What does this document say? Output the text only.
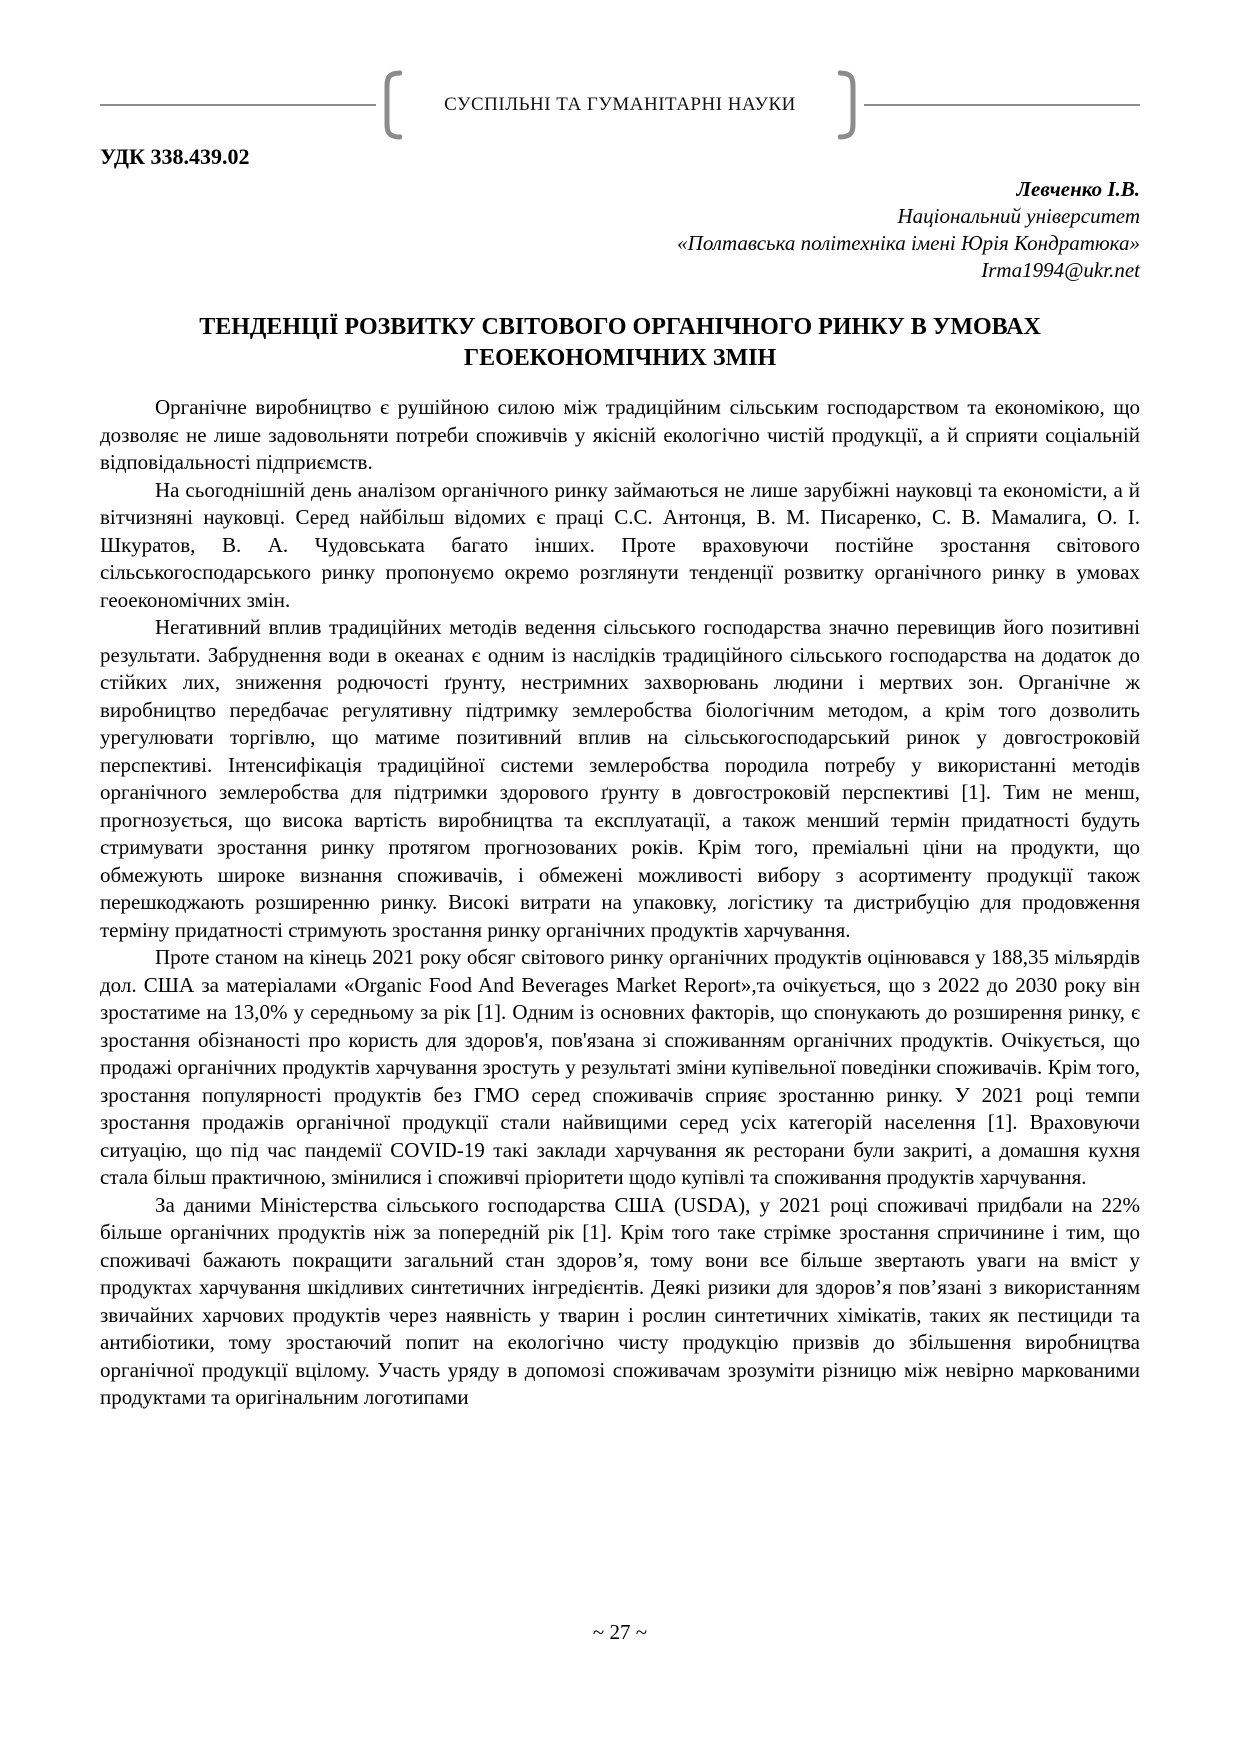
СУСПІЛЬНІ ТА ГУМАНІТАРНІ НАУКИ
УДК 338.439.02
Левченко І.В.
Національний університет
«Полтавська політехніка імені Юрія Кондратюка»
Irma1994@ukr.net
ТЕНДЕНЦІЇ РОЗВИТКУ СВІТОВОГО ОРГАНІЧНОГО РИНКУ В УМОВАХ ГЕОЕКОНОМІЧНИХ ЗМІН

Органічне виробництво є рушійною силою між традиційним сільським господарством та економікою, що дозволяє не лише задовольняти потреби споживчів у якісній екологічно чистій продукції, а й сприяти соціальній відповідальності підприємств.

На сьогоднішній день аналізом органічного ринку займаються не лише зарубіжні науковці та економісти, а й вітчизняні науковці. Серед найбільш відомих є праці С.С. Антонця, В. М. Писаренко, С. В. Мамалига, О. І. Шкуратов, В. А. Чудовськата багато інших. Проте враховуючи постійне зростання світового сільськогосподарського ринку пропонуємо окремо розглянути тенденції розвитку органічного ринку в умовах геоекономічних змін.

Негативний вплив традиційних методів ведення сільського господарства значно перевищив його позитивні результати. Забруднення води в океанах є одним із наслідків традиційного сільського господарства на додаток до стійких лих, зниження родючості ґрунту, нестримних захворювань людини і мертвих зон. Органічне ж виробництво передбачає регулятивну підтримку землеробства біологічним методом, а крім того дозволить урегулювати торгівлю, що матиме позитивний вплив на сільськогосподарський ринок у довгостроковій перспективі. Інтенсифікація традиційної системи землеробства породила потребу у використанні методів органічного землеробства для підтримки здорового ґрунту в довгостроковій перспективі [1]. Тим не менш, прогнозується, що висока вартість виробництва та експлуатації, а також менший термін придатності будуть стримувати зростання ринку протягом прогнозованих років. Крім того, преміальні ціни на продукти, що обмежують широке визнання споживачів, і обмежені можливості вибору з асортименту продукції також перешкоджають розширенню ринку. Високі витрати на упаковку, логістику та дистрибуцію для продовження терміну придатності стримують зростання ринку органічних продуктів харчування.

Проте станом на кінець 2021 року обсяг світового ринку органічних продуктів оцінювався у 188,35 мільярдів дол. США за матеріалами «Organic Food And Beverages Market Report»,та очікується, що з 2022 до 2030 року він зростатиме на 13,0% у середньому за рік [1]. Одним із основних факторів, що спонукають до розширення ринку, є зростання обізнаності про користь для здоров'я, пов'язана зі споживанням органічних продуктів. Очікується, що продажі органічних продуктів харчування зростуть у результаті зміни купівельної поведінки споживачів. Крім того, зростання популярності продуктів без ГМО серед споживачів сприяє зростанню ринку. У 2021 році темпи зростання продажів органічної продукції стали найвищими серед усіх категорій населення [1]. Враховуючи ситуацію, що під час пандемії COVID-19 такі заклади харчування як ресторани були закриті, а домашня кухня стала більш практичною, змінилися і споживчі пріоритети щодо купівлі та споживання продуктів харчування.

За даними Міністерства сільського господарства США (USDA), у 2021 році споживачі придбали на 22% більше органічних продуктів ніж за попередній рік [1]. Крім того таке стрімке зростання спричинине і тим, що споживачі бажають покращити загальний стан здоров’я, тому вони все більше звертають уваги на вміст у продуктах харчування шкідливих синтетичних інгредієнтів. Деякі ризики для здоров’я пов’язані з використанням звичайних харчових продуктів через наявність у тварин і рослин синтетичних хімікатів, таких як пестициди та антибіотики, тому зростаючий попит на екологічно чисту продукцію призвів до збільшення виробництва органічної продукції вцілому. Участь уряду в допомозі споживачам зрозуміти різницю між невірно маркованими продуктами та оригінальним логотипами

~ 27 ~
